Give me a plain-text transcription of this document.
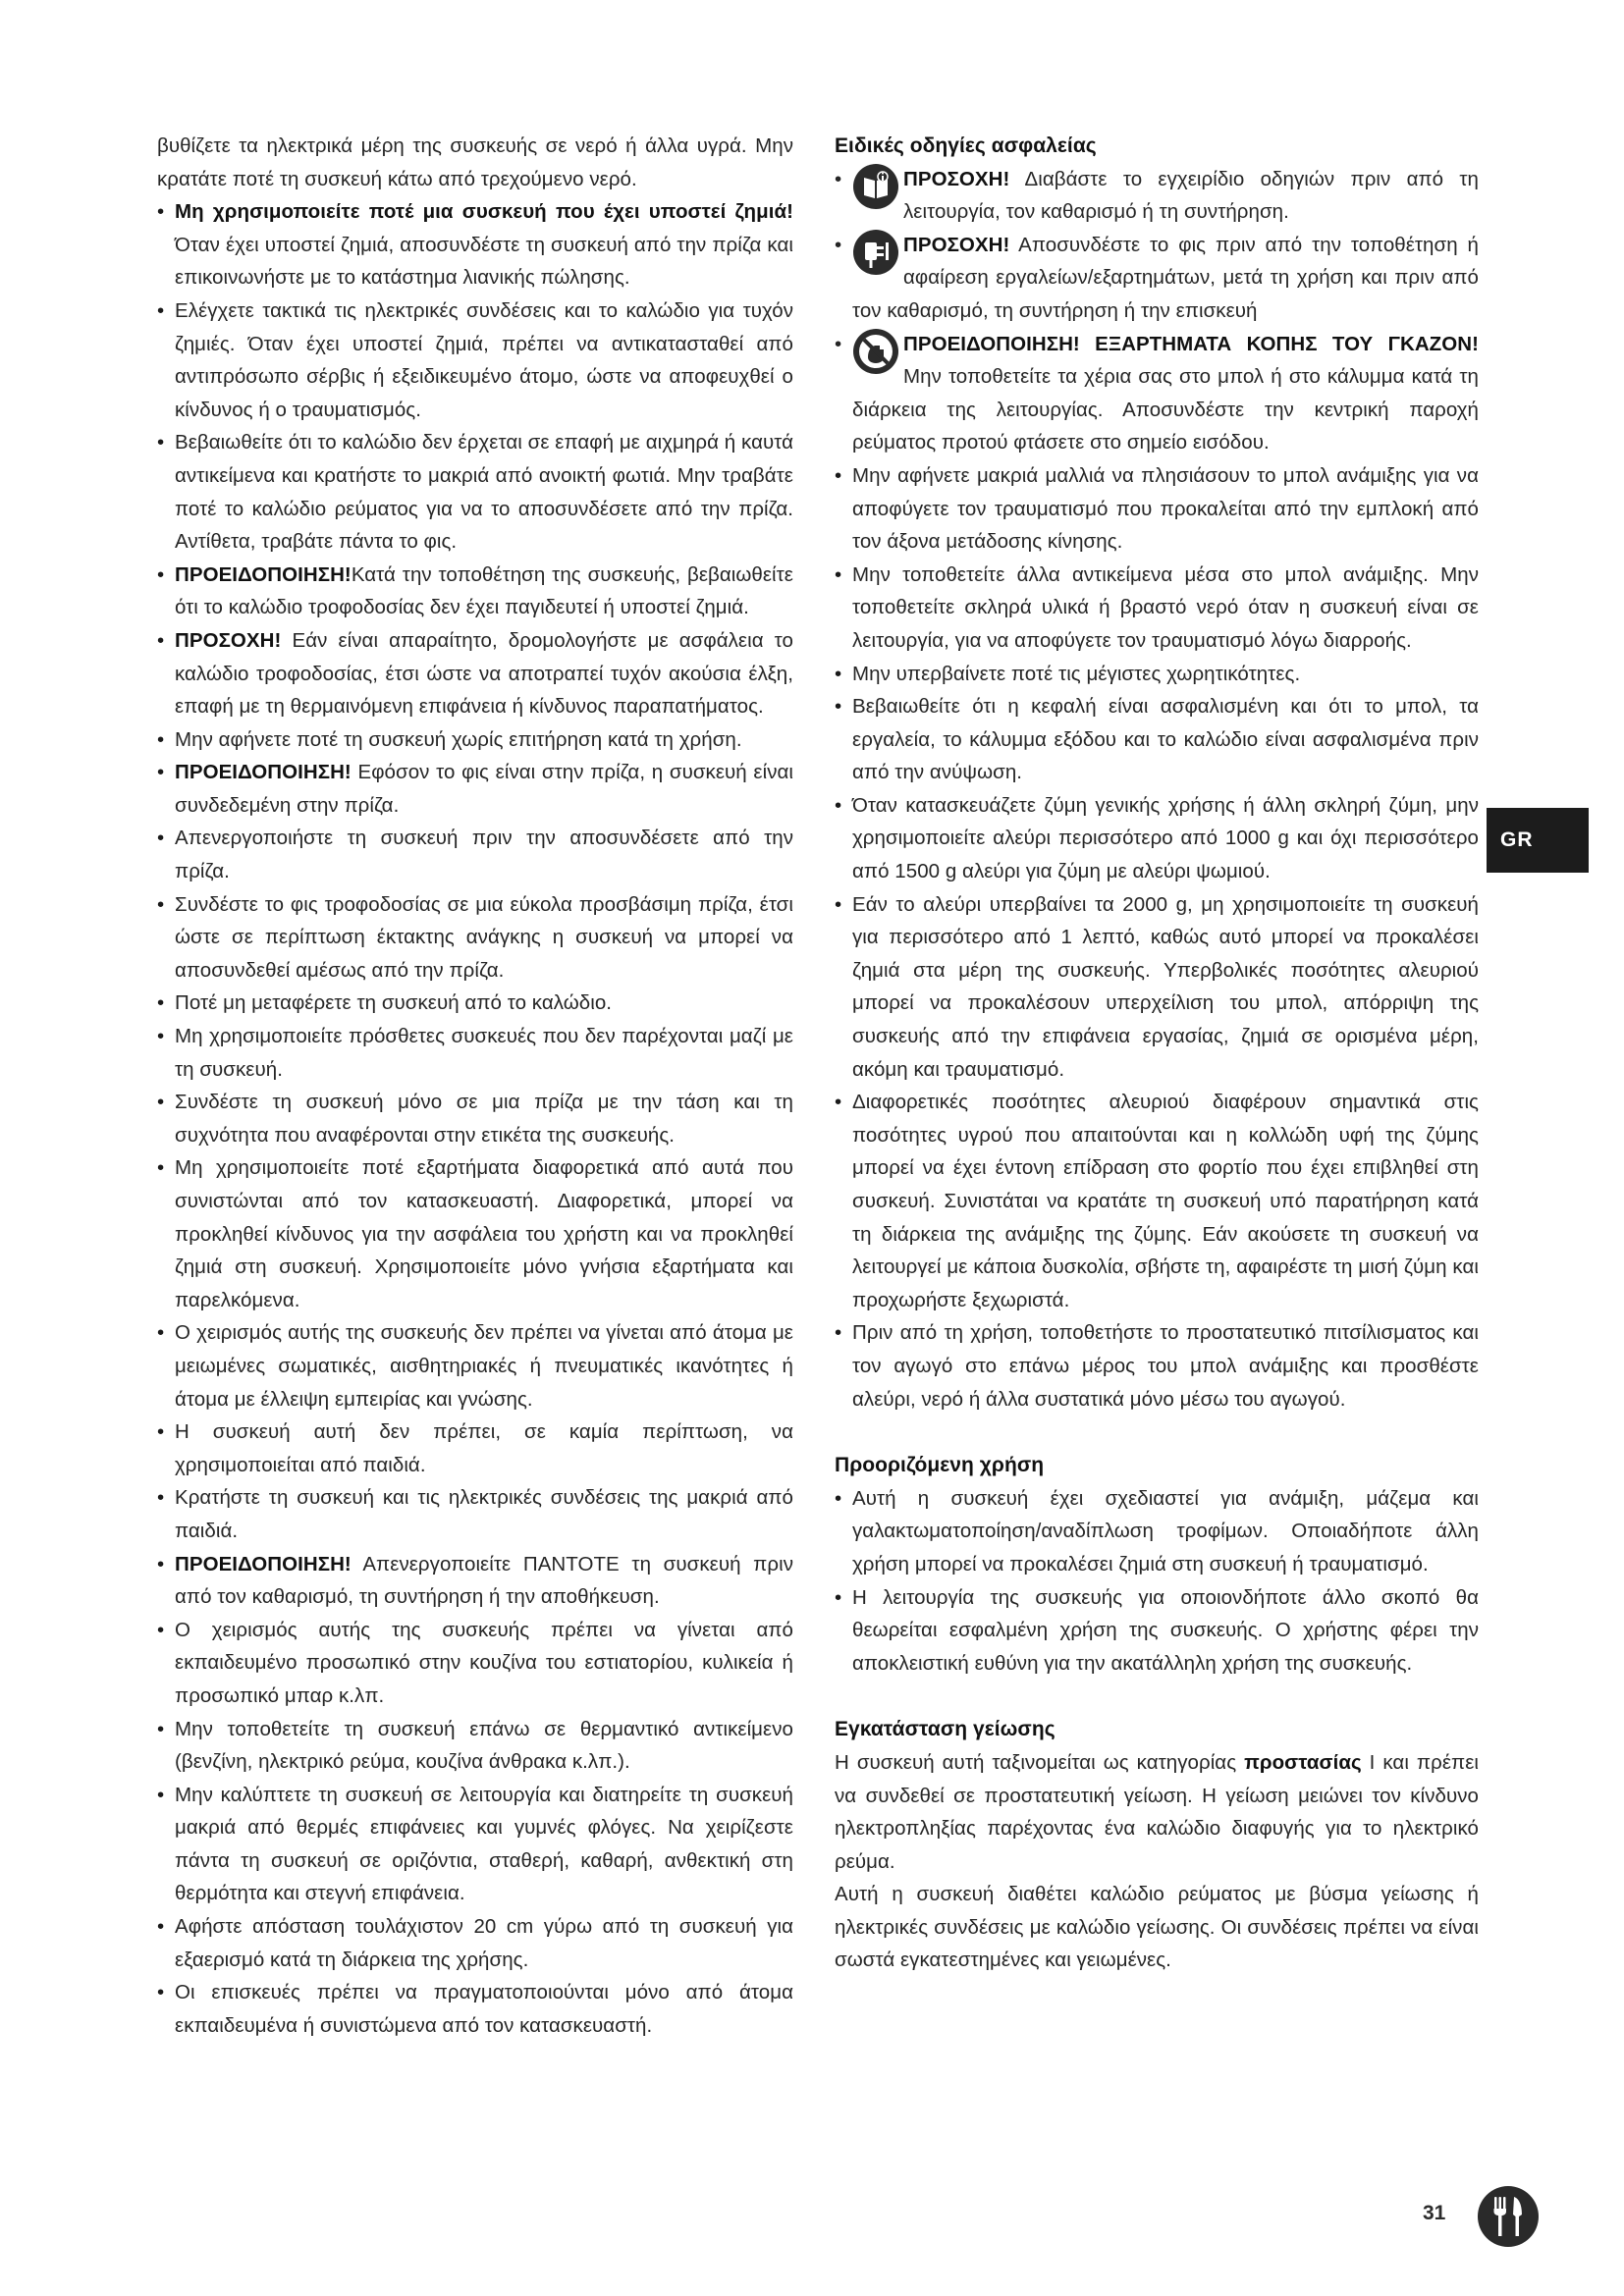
βυθίζετε τα ηλεκτρικά μέρη της συσκευής σε νερό ή άλλα υγρά. Μην κρατάτε ποτέ τη συσκευή κάτω από τρεχούμενο νερό.

• Μη χρησιμοποιείτε ποτέ μια συσκευή που έχει υποστεί ζημιά! Όταν έχει υποστεί ζημιά, αποσυνδέστε τη συσκευή από την πρίζα και επικοινωνήστε με το κατάστημα λιανικής πώλησης.
• Ελέγχετε τακτικά τις ηλεκτρικές συνδέσεις και το καλώδιο για τυχόν ζημιές. Όταν έχει υποστεί ζημιά, πρέπει να αντικατασταθεί από αντιπρόσωπο σέρβις ή εξειδικευμένο άτομο, ώστε να αποφευχθεί ο κίνδυνος ή ο τραυματισμός.
• Βεβαιωθείτε ότι το καλώδιο δεν έρχεται σε επαφή με αιχμηρά ή καυτά αντικείμενα και κρατήστε το μακριά από ανοικτή φωτιά. Μην τραβάτε ποτέ το καλώδιο ρεύματος για να το αποσυνδέσετε από την πρίζα. Αντίθετα, τραβάτε πάντα το φις.
• ΠΡΟΕΙΔΟΠΟΙΗΣΗ!Κατά την τοποθέτηση της συσκευής, βεβαιωθείτε ότι το καλώδιο τροφοδοσίας δεν έχει παγιδευτεί ή υποστεί ζημιά.
• ΠΡΟΣΟΧΗ! Εάν είναι απαραίτητο, δρομολογήστε με ασφάλεια το καλώδιο τροφοδοσίας, έτσι ώστε να αποτραπεί τυχόν ακούσια έλξη, επαφή με τη θερμαινόμενη επιφάνεια ή κίνδυνος παραπατήματος.
• Μην αφήνετε ποτέ τη συσκευή χωρίς επιτήρηση κατά τη χρήση.
• ΠΡΟΕΙΔΟΠΟΙΗΣΗ! Εφόσον το φις είναι στην πρίζα, η συσκευή είναι συνδεδεμένη στην πρίζα.
• Απενεργοποιήστε τη συσκευή πριν την αποσυνδέσετε από την πρίζα.
• Συνδέστε το φις τροφοδοσίας σε μια εύκολα προσβάσιμη πρίζα, έτσι ώστε σε περίπτωση έκτακτης ανάγκης η συσκευή να μπορεί να αποσυνδεθεί αμέσως από την πρίζα.
• Ποτέ μη μεταφέρετε τη συσκευή από το καλώδιο.
• Μη χρησιμοποιείτε πρόσθετες συσκευές που δεν παρέχονται μαζί με τη συσκευή.
• Συνδέστε τη συσκευή μόνο σε μια πρίζα με την τάση και τη συχνότητα που αναφέρονται στην ετικέτα της συσκευής.
• Μη χρησιμοποιείτε ποτέ εξαρτήματα διαφορετικά από αυτά που συνιστώνται από τον κατασκευαστή. Διαφορετικά, μπορεί να προκληθεί κίνδυνος για την ασφάλεια του χρήστη και να προκληθεί ζημιά στη συσκευή. Χρησιμοποιείτε μόνο γνήσια εξαρτήματα και παρελκόμενα.
• Ο χειρισμός αυτής της συσκευής δεν πρέπει να γίνεται από άτομα με μειωμένες σωματικές, αισθητηριακές ή πνευματικές ικανότητες ή άτομα με έλλειψη εμπειρίας και γνώσης.
• Η συσκευή αυτή δεν πρέπει, σε καμία περίπτωση, να χρησιμοποιείται από παιδιά.
• Κρατήστε τη συσκευή και τις ηλεκτρικές συνδέσεις της μακριά από παιδιά.
• ΠΡΟΕΙΔΟΠΟΙΗΣΗ! Απενεργοποιείτε ΠΑΝΤΟΤΕ τη συσκευή πριν από τον καθαρισμό, τη συντήρηση ή την αποθήκευση.
• Ο χειρισμός αυτής της συσκευής πρέπει να γίνεται από εκπαιδευμένο προσωπικό στην κουζίνα του εστιατορίου, κυλικεία ή προσωπικό μπαρ κ.λπ.
• Μην τοποθετείτε τη συσκευή επάνω σε θερμαντικό αντικείμενο (βενζίνη, ηλεκτρικό ρεύμα, κουζίνα άνθρακα κ.λπ.).
• Μην καλύπτετε τη συσκευή σε λειτουργία και διατηρείτε τη συσκευή μακριά από θερμές επιφάνειες και γυμνές φλόγες. Να χειρίζεστε πάντα τη συσκευή σε οριζόντια, σταθερή, καθαρή, ανθεκτική στη θερμότητα και στεγνή επιφάνεια.
• Αφήστε απόσταση τουλάχιστον 20 cm γύρω από τη συσκευή για εξαερισμό κατά τη διάρκεια της χρήσης.
• Οι επισκευές πρέπει να πραγματοποιούνται μόνο από άτομα εκπαιδευμένα ή συνιστώμενα από τον κατασκευαστή.
Ειδικές οδηγίες ασφαλείας
• ΠΡΟΣΟΧΗ! Διαβάστε το εγχειρίδιο οδηγιών πριν από τη λειτουργία, τον καθαρισμό ή τη συντήρηση.
• ΠΡΟΣΟΧΗ! Αποσυνδέστε το φις πριν από την τοποθέτηση ή αφαίρεση εργαλείων/εξαρτημάτων, μετά τη χρήση και πριν από τον καθαρισμό, τη συντήρηση ή την επισκευή
• ΠΡΟΕΙΔΟΠΟΙΗΣΗ! ΕΞΑΡΤΗΜΑΤΑ ΚΟΠΗΣ ΤΟΥ ΓΚΑΖΟΝ! Μην τοποθετείτε τα χέρια σας στο μπολ ή στο κάλυμμα κατά τη διάρκεια της λειτουργίας. Αποσυνδέστε την κεντρική παροχή ρεύματος προτού φτάσετε στο σημείο εισόδου.
• Μην αφήνετε μακριά μαλλιά να πλησιάσουν το μπολ ανάμιξης για να αποφύγετε τον τραυματισμό που προκαλείται από την εμπλοκή από τον άξονα μετάδοσης κίνησης.
• Μην τοποθετείτε άλλα αντικείμενα μέσα στο μπολ ανάμιξης. Μην τοποθετείτε σκληρά υλικά ή βραστό νερό όταν η συσκευή είναι σε λειτουργία, για να αποφύγετε τον τραυματισμό λόγω διαρροής.
• Μην υπερβαίνετε ποτέ τις μέγιστες χωρητικότητες.
• Βεβαιωθείτε ότι η κεφαλή είναι ασφαλισμένη και ότι το μπολ, τα εργαλεία, το κάλυμμα εξόδου και το καλώδιο είναι ασφαλισμένα πριν από την ανύψωση.
• Όταν κατασκευάζετε ζύμη γενικής χρήσης ή άλλη σκληρή ζύμη, μην χρησιμοποιείτε αλεύρι περισσότερο από 1000 g και όχι περισσότερο από 1500 g αλεύρι για ζύμη με αλεύρι ψωμιού.
• Εάν το αλεύρι υπερβαίνει τα 2000 g, μη χρησιμοποιείτε τη συσκευή για περισσότερο από 1 λεπτό, καθώς αυτό μπορεί να προκαλέσει ζημιά στα μέρη της συσκευής. Υπερβολικές ποσότητες αλευριού μπορεί να προκαλέσουν υπερχείλιση του μπολ, απόρριψη της συσκευής από την επιφάνεια εργασίας, ζημιά σε ορισμένα μέρη, ακόμη και τραυματισμό.
• Διαφορετικές ποσότητες αλευριού διαφέρουν σημαντικά στις ποσότητες υγρού που απαιτούνται και η κολλώδη υφή της ζύμης μπορεί να έχει έντονη επίδραση στο φορτίο που έχει επιβληθεί στη συσκευή. Συνιστάται να κρατάτε τη συσκευή υπό παρατήρηση κατά τη διάρκεια της ανάμιξης της ζύμης. Εάν ακούσετε τη συσκευή να λειτουργεί με κάποια δυσκολία, σβήστε τη, αφαιρέστε τη μισή ζύμη και προχωρήστε ξεχωριστά.
• Πριν από τη χρήση, τοποθετήστε το προστατευτικό πιτσίλισματος και τον αγωγό στο επάνω μέρος του μπολ ανάμιξης και προσθέστε αλεύρι, νερό ή άλλα συστατικά μόνο μέσω του αγωγού.
Προοριζόμενη χρήση
• Αυτή η συσκευή έχει σχεδιαστεί για ανάμιξη, μάζεμα και γαλακτωματοποίηση/αναδίπλωση τροφίμων. Οποιαδήποτε άλλη χρήση μπορεί να προκαλέσει ζημιά στη συσκευή ή τραυματισμό.
• Η λειτουργία της συσκευής για οποιονδήποτε άλλο σκοπό θα θεωρείται εσφαλμένη χρήση της συσκευής. Ο χρήστης φέρει την αποκλειστική ευθύνη για την ακατάλληλη χρήση της συσκευής.
Εγκατάσταση γείωσης

Η συσκευή αυτή ταξινομείται ως κατηγορίας προστασίας I και πρέπει να συνδεθεί σε προστατευτική γείωση. Η γείωση μειώνει τον κίνδυνο ηλεκτροπληξίας παρέχοντας ένα καλώδιο διαφυγής για το ηλεκτρικό ρεύμα.

Αυτή η συσκευή διαθέτει καλώδιο ρεύματος με βύσμα γείωσης ή ηλεκτρικές συνδέσεις με καλώδιο γείωσης. Οι συνδέσεις πρέπει να είναι σωστά εγκατεστημένες και γειωμένες.

GR
31
